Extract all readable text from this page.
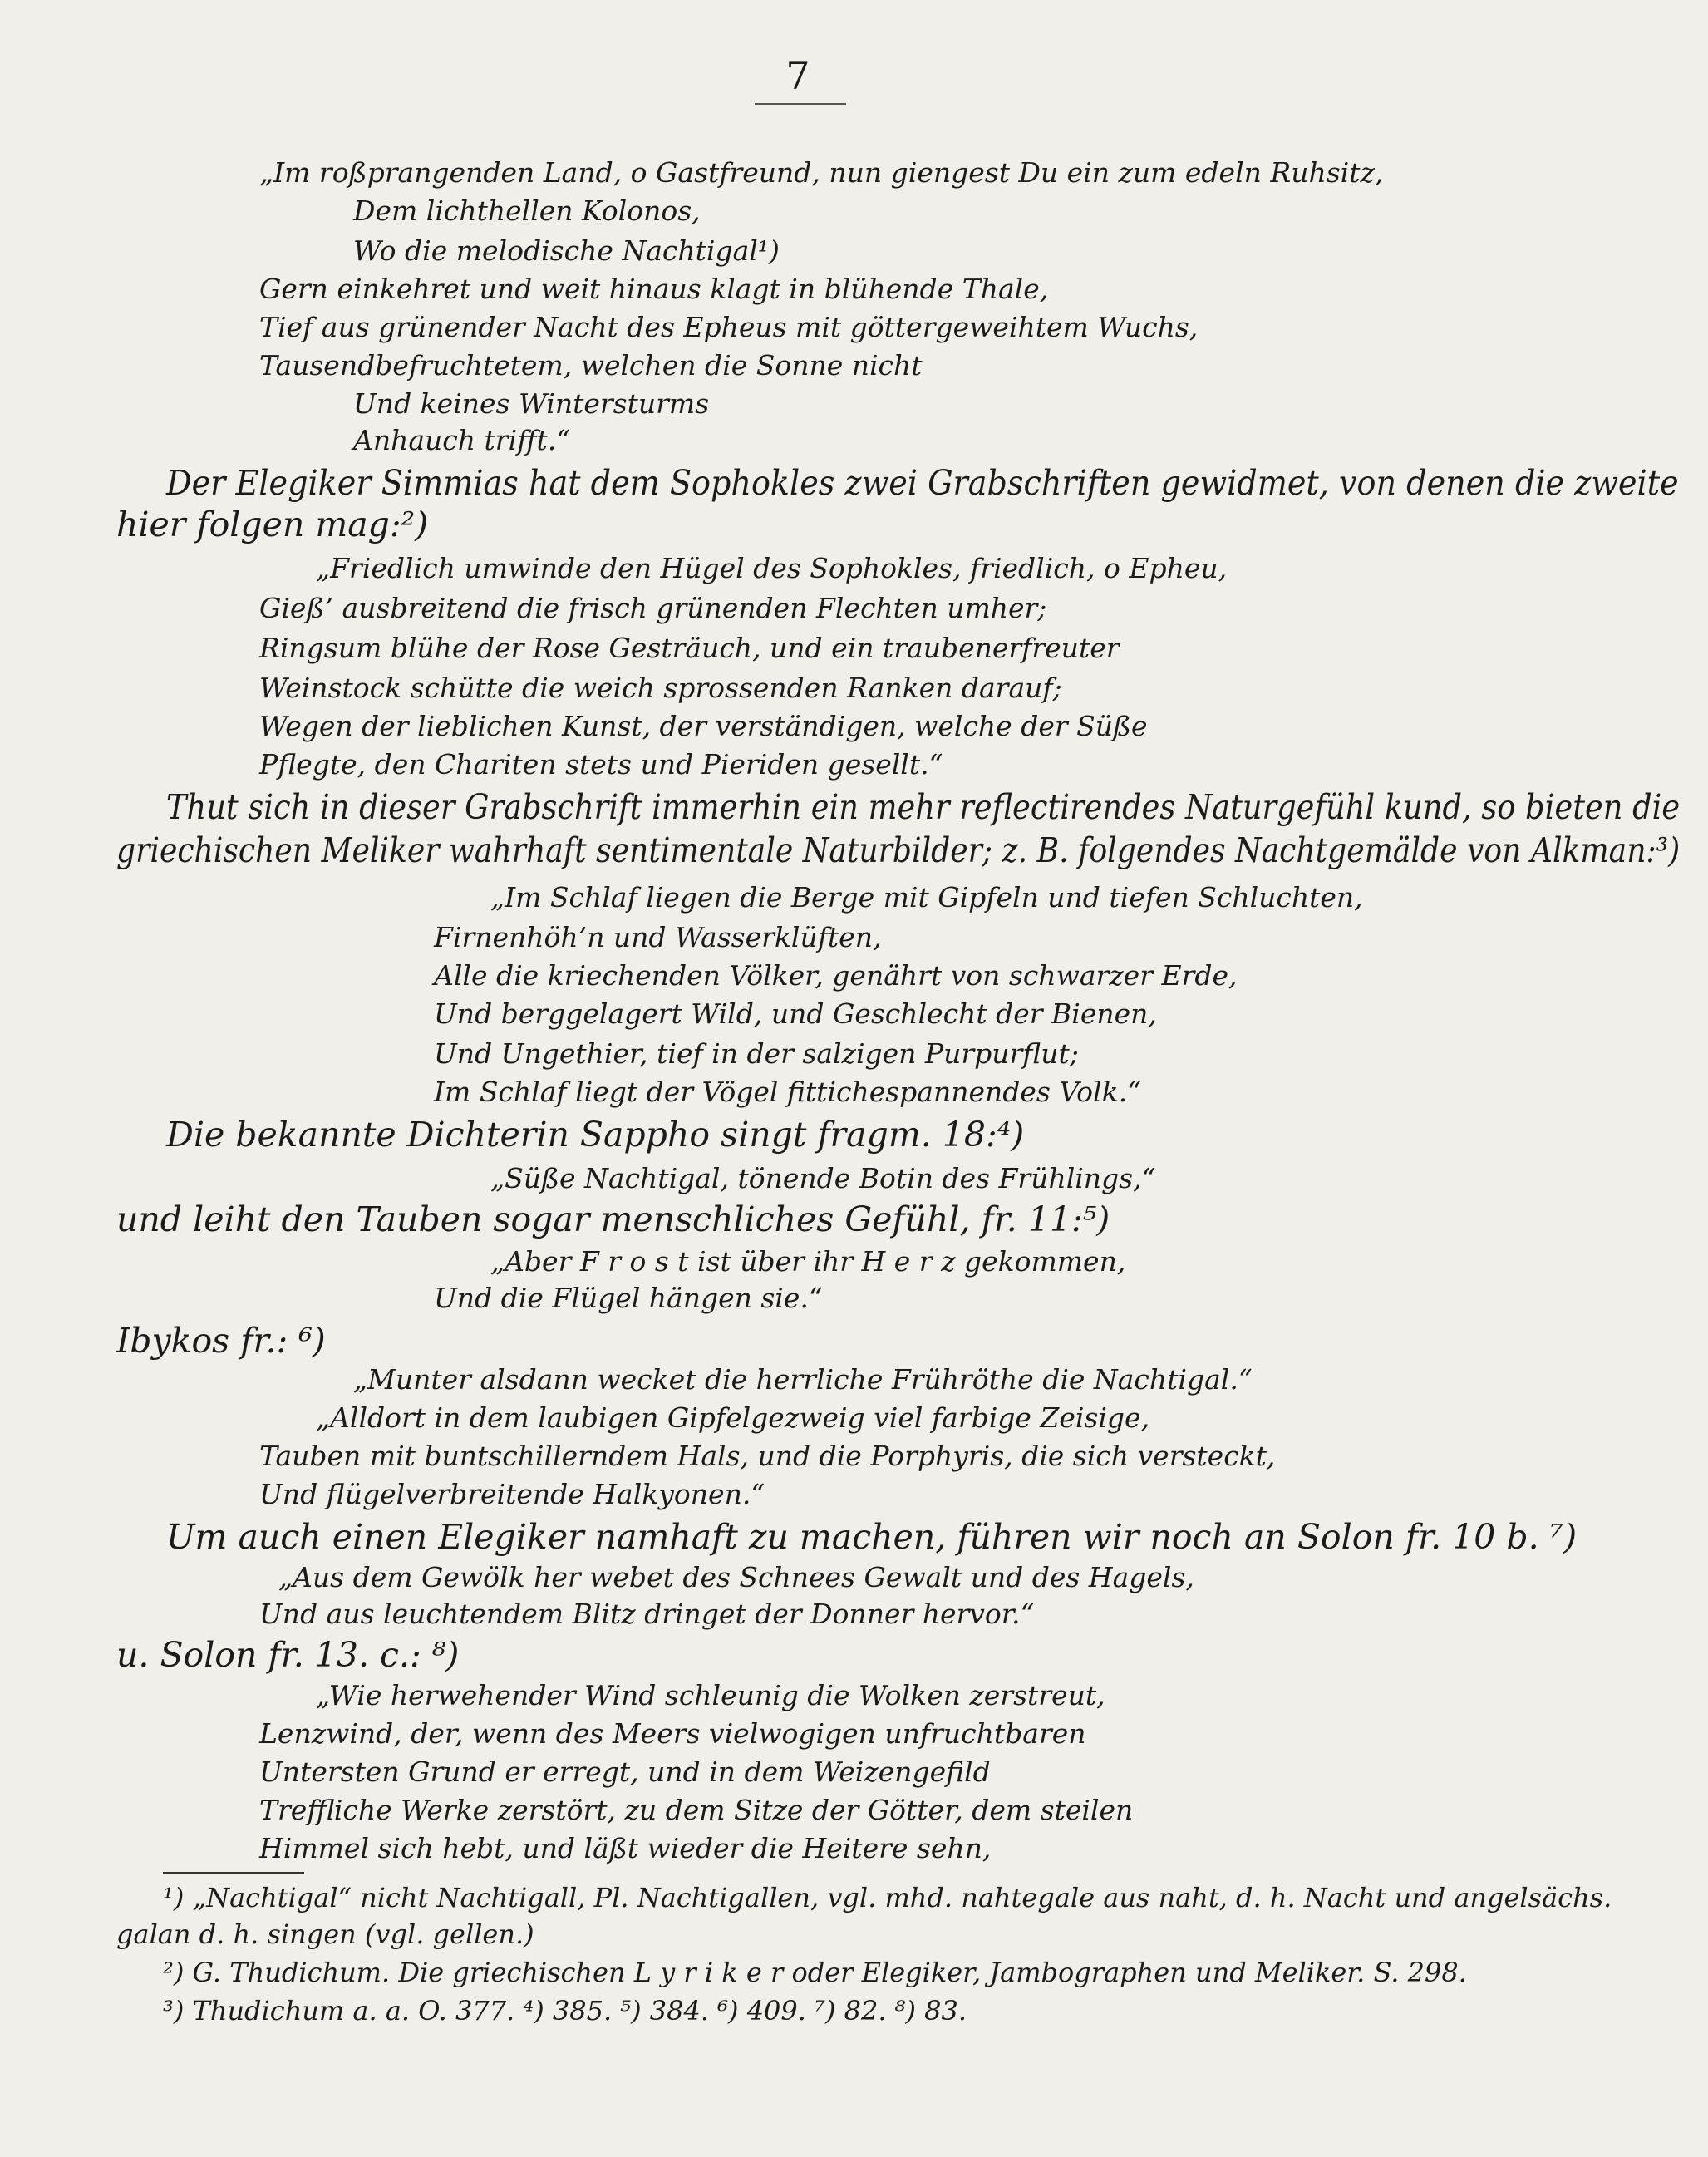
7
„Im roßprangenden Land, o Gastfreund, nun giengest Du ein zum edeln Ruhsitz,
Dem lichthellen Kolonos,
Wo die melodische Nachtigal¹)
Gern einkehret und weit hinaus klagt in blühende Thale,
Tief aus grünender Nacht des Epheus mit göttergeweihtem Wuchs,
Tausendbefruchtetem, welchen die Sonne nicht
Und keines Wintersturms
Anhauch trifft.“
Der Elegiker Simmias hat dem Sophokles zwei Grabschriften gewidmet, von denen die zweite
hier folgen mag:²)
„Friedlich umwinde den Hügel des Sophokles, friedlich, o Epheu,
Gieß’ ausbreitend die frisch grünenden Flechten umher;
Ringsum blühe der Rose Gesträuch, und ein traubenerfreuter
Weinstock schütte die weich sprossenden Ranken darauf;
Wegen der lieblichen Kunst, der verständigen, welche der Süße
Pflegte, den Chariten stets und Pieriden gesellt.“
Thut sich in dieser Grabschrift immerhin ein mehr reflectirendes Naturgefühl kund, so bieten die
griechischen Meliker wahrhaft sentimentale Naturbilder; z. B. folgendes Nachtgemälde von Alkman:³)
„Im Schlaf liegen die Berge mit Gipfeln und tiefen Schluchten,
Firnenhöh’n und Wasserklüften,
Alle die kriechenden Völker, genährt von schwarzer Erde,
Und berggelagert Wild, und Geschlecht der Bienen,
Und Ungethier, tief in der salzigen Purpurflut;
Im Schlaf liegt der Vögel fittichespannendes Volk.“
Die bekannte Dichterin Sappho singt fragm. 18:⁴)
„Süße Nachtigal, tönende Botin des Frühlings,“
und leiht den Tauben sogar menschliches Gefühl, fr. 11:⁵)
„Aber F r o s t ist über ihr H e r z gekommen,
Und die Flügel hängen sie.“
Ibykos fr.: ⁶)
„Munter alsdann wecket die herrliche Frühröthe die Nachtigal.“
„Alldort in dem laubigen Gipfelgezweig viel farbige Zeisige,
Tauben mit buntschillerndem Hals, und die Porphyris, die sich versteckt,
Und flügelverbreitende Halkyonen.“
Um auch einen Elegiker namhaft zu machen, führen wir noch an Solon fr. 10 b. ⁷)
„Aus dem Gewölk her webet des Schnees Gewalt und des Hagels,
Und aus leuchtendem Blitz dringet der Donner hervor.“
u. Solon fr. 13. c.: ⁸)
„Wie herwehender Wind schleunig die Wolken zerstreut,
Lenzwind, der, wenn des Meers vielwogigen unfruchtbaren
Untersten Grund er erregt, und in dem Weizengefild
Treffliche Werke zerstört, zu dem Sitze der Götter, dem steilen
Himmel sich hebt, und läßt wieder die Heitere sehn,
¹) „Nachtigal“ nicht Nachtigall, Pl. Nachtigallen, vgl. mhd. nahtegale aus naht, d. h. Nacht und angelsächs.
galan d. h. singen (vgl. gellen.)
²) G. Thudichum. Die griechischen L y r i k e r oder Elegiker, Jambographen und Meliker. S. 298.
³) Thudichum a. a. O. 377. ⁴) 385. ⁵) 384. ⁶) 409. ⁷) 82. ⁸) 83.
